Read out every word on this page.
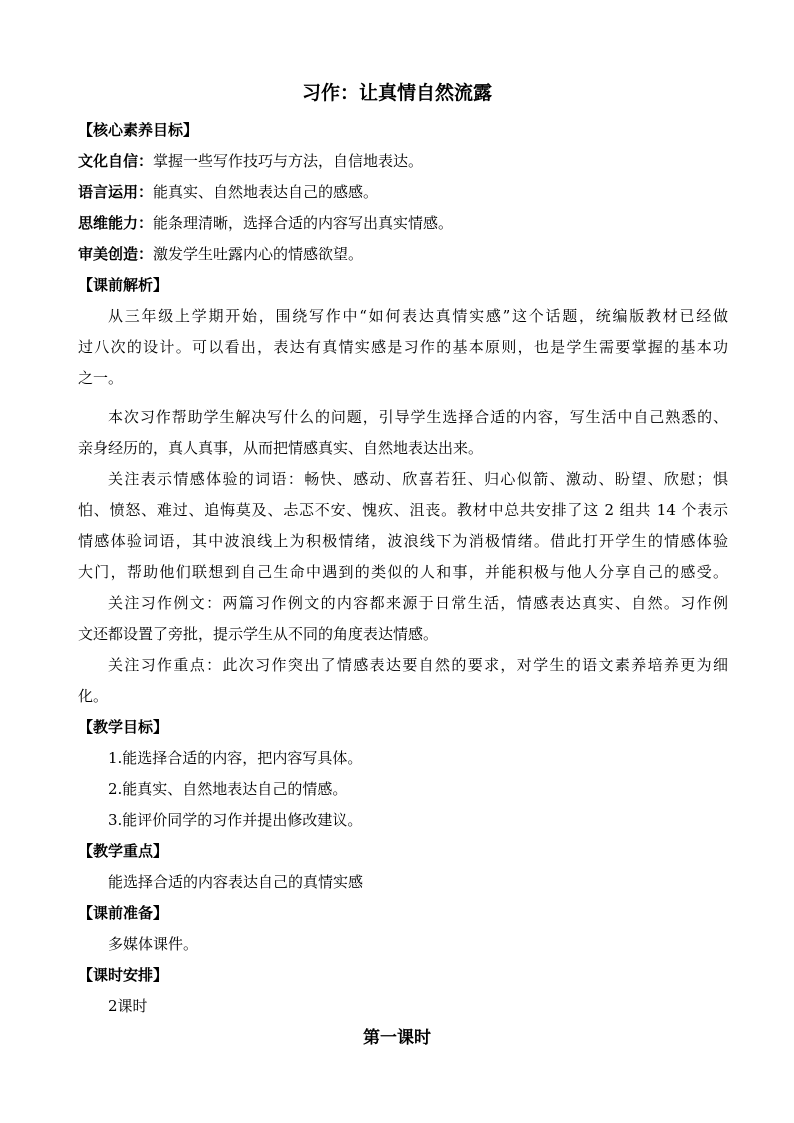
习作：让真情自然流露
【核心素养目标】
文化自信：掌握一些写作技巧与方法，自信地表达。
语言运用：能真实、自然地表达自己的感感。
思维能力：能条理清晰，选择合适的内容写出真实情感。
审美创造：激发学生吐露内心的情感欲望。
【课前解析】
从三年级上学期开始，围绕写作中“如何表达真情实感”这个话题，统编版教材已经做
过八次的设计。可以看出，表达有真情实感是习作的基本原则，也是学生需要掌握的基本功
之一。
本次习作帮助学生解决写什么的问题，引导学生选择合适的内容，写生活中自己熟悉的、
亲身经历的，真人真事，从而把情感真实、自然地表达出来。
关注表示情感体验的词语：畅快、感动、欣喜若狂、归心似箭、激动、盼望、欣慰；惧
怕、愤怒、难过、追悔莫及、忐忑不安、愧疚、沮丧。教材中总共安排了这 2 组共 14 个表示
情感体验词语，其中波浪线上为积极情绪，波浪线下为消极情绪。借此打开学生的情感体验
大门，帮助他们联想到自己生命中遇到的类似的人和事，并能积极与他人分享自己的感受。
关注习作例文：两篇习作例文的内容都来源于日常生活，情感表达真实、自然。习作例
文还都设置了旁批，提示学生从不同的角度表达情感。
关注习作重点：此次习作突出了情感表达要自然的要求，对学生的语文素养培养更为细
化。
【教学目标】
1.能选择合适的内容，把内容写具体。
2.能真实、自然地表达自己的情感。
3.能评价同学的习作并提出修改建议。
【教学重点】
能选择合适的内容表达自己的真情实感
【课前准备】
多媒体课件。
【课时安排】
2课时
第一课时
